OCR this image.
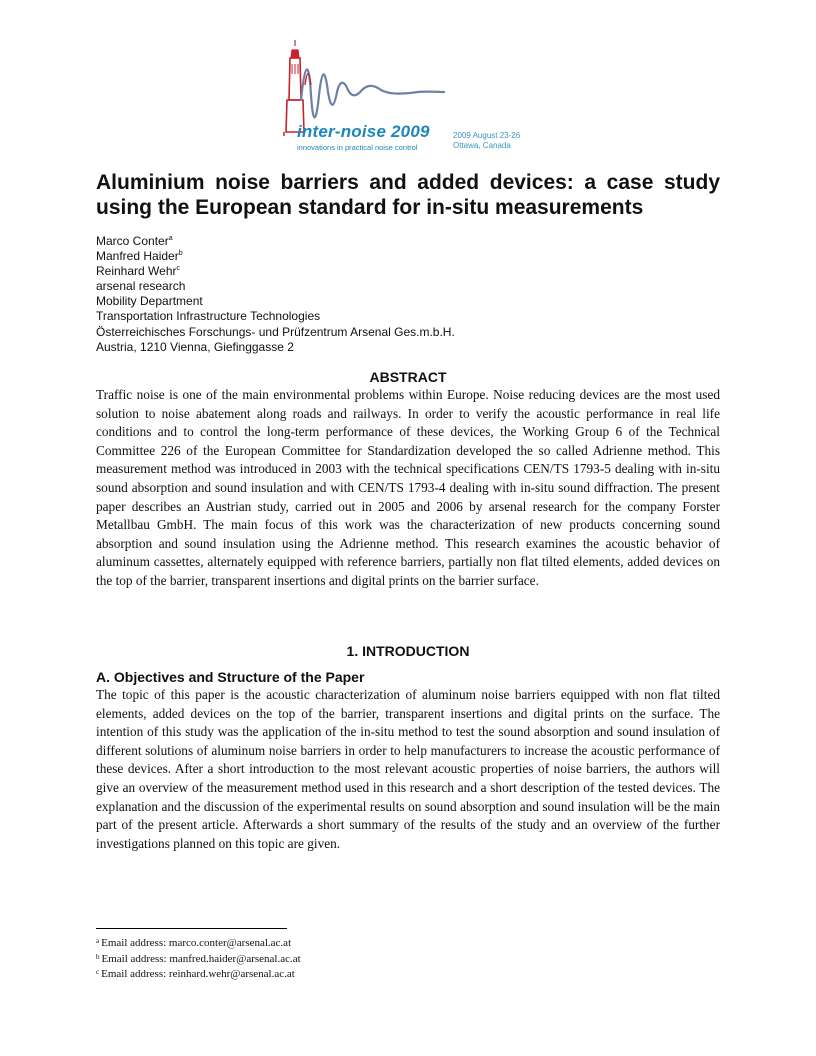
inter-noise 2009
innovations in practical noise control
2009 August 23-26
Ottawa, Canada
Aluminium noise barriers and added devices: a case study using the European standard for in-situ measurements
Marco Conter$^a$
Manfred Haider$^b$
Reinhard Wehr$^c$
arsenal research
Mobility Department
Transportation Infrastructure Technologies
Österreichisches Forschungs- und Prüfzentrum Arsenal Ges.m.b.H.
Austria, 1210 Vienna, Giefinggasse 2
ABSTRACT

Traffic noise is one of the main environmental problems within Europe. Noise reducing devices are the most used solution to noise abatement along roads and railways. In order to verify the acoustic performance in real life conditions and to control the long-term performance of these devices, the Working Group 6 of the Technical Committee 226 of the European Committee for Standardization developed the so called Adrienne method. This measurement method was introduced in 2003 with the technical specifications CEN/TS 1793-5 dealing with in-situ sound absorption and sound insulation and with CEN/TS 1793-4 dealing with in-situ sound diffraction. The present paper describes an Austrian study, carried out in 2005 and 2006 by arsenal research for the company Forster Metallbau GmbH. The main focus of this work was the characterization of new products concerning sound absorption and sound insulation using the Adrienne method. This research examines the acoustic behavior of aluminum cassettes, alternately equipped with reference barriers, partially non flat tilted elements, added devices on the top of the barrier, transparent insertions and digital prints on the barrier surface.

1. INTRODUCTION
A. Objectives and Structure of the Paper

The topic of this paper is the acoustic characterization of aluminum noise barriers equipped with non flat tilted elements, added devices on the top of the barrier, transparent insertions and digital prints on the surface. The intention of this study was the application of the in-situ method to test the sound absorption and sound insulation of different solutions of aluminum noise barriers in order to help manufacturers to increase the acoustic performance of these devices. After a short introduction to the most relevant acoustic properties of noise barriers, the authors will give an overview of the measurement method used in this research and a short description of the tested devices. The explanation and the discussion of the experimental results on sound absorption and sound insulation will be the main part of the present article. Afterwards a short summary of the results of the study and an overview of the further investigations planned on this topic are given.

$^a$ Email address: marco.conter@arsenal.ac.at
$^b$ Email address: manfred.haider@arsenal.ac.at
$^c$ Email address: reinhard.wehr@arsenal.ac.at
